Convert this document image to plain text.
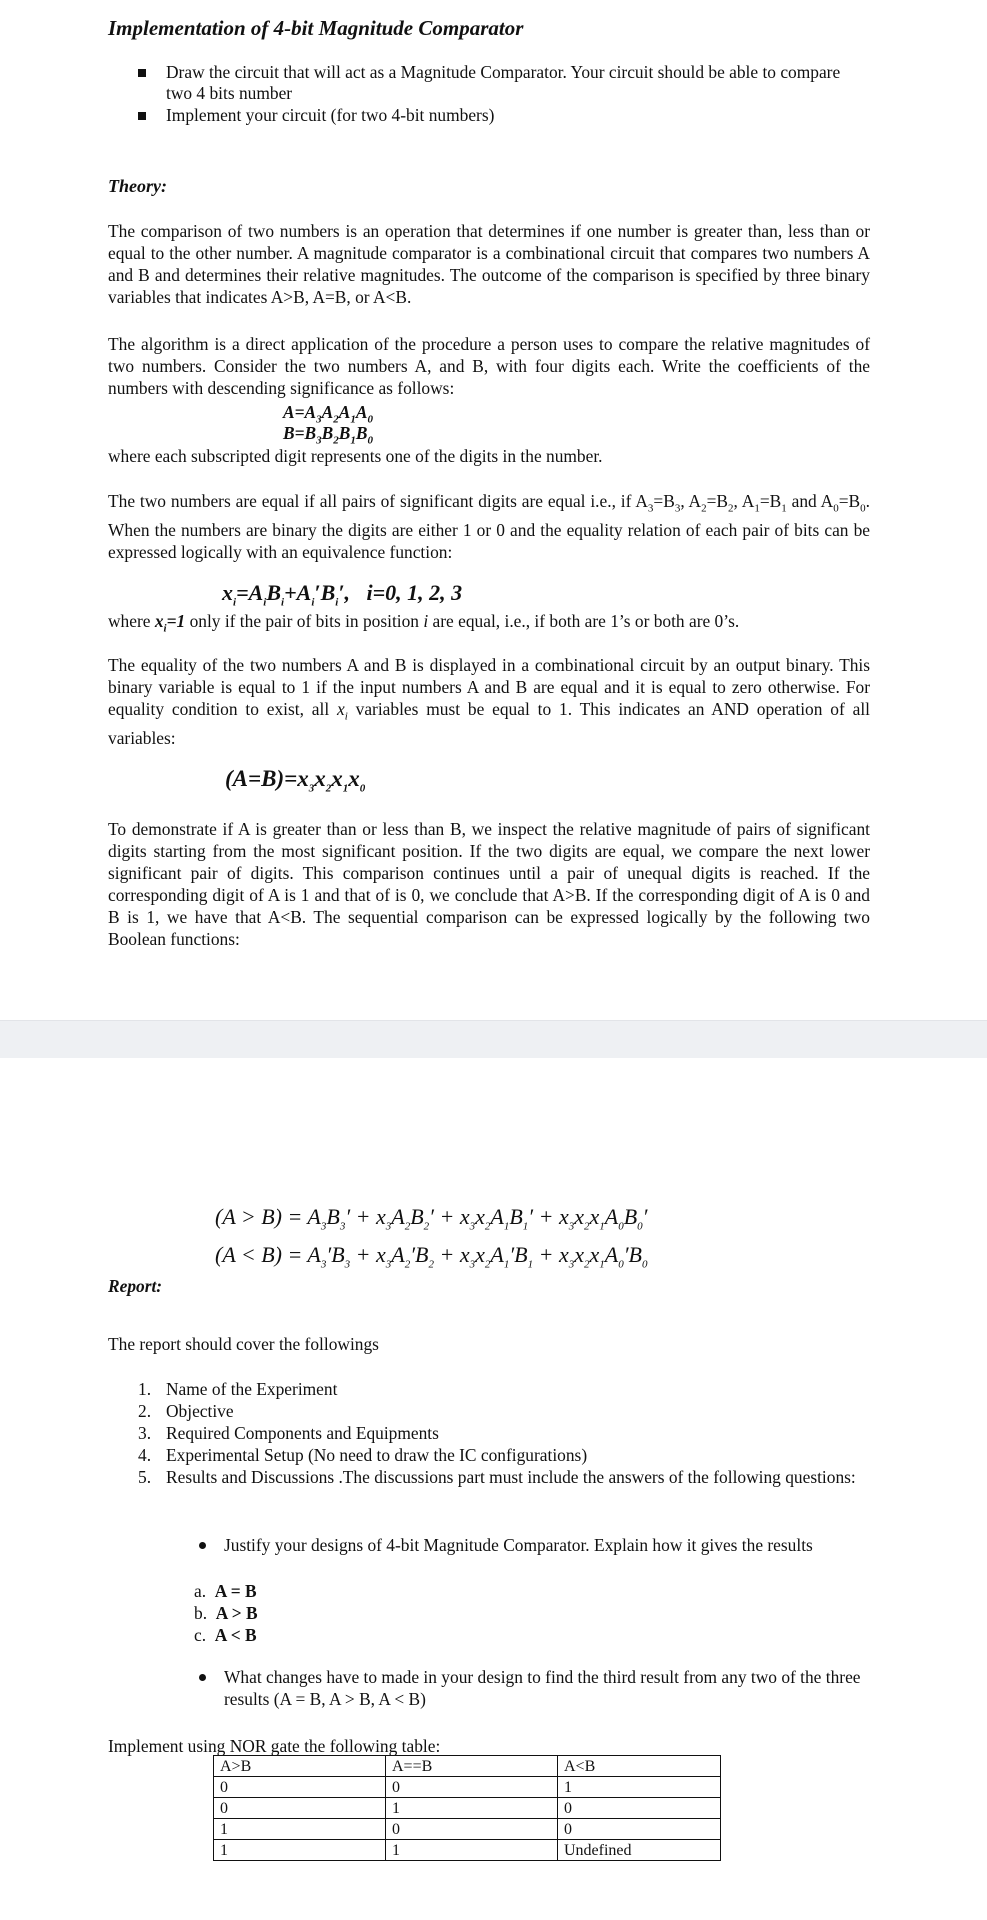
Implementation of 4-bit Magnitude Comparator
Draw the circuit that will act as a Magnitude Comparator. Your circuit should be able to compare two 4 bits number
Implement your circuit (for two 4-bit numbers)
Theory:
The comparison of two numbers is an operation that determines if one number is greater than, less than or equal to the other number. A magnitude comparator is a combinational circuit that compares two numbers A and B and determines their relative magnitudes. The outcome of the comparison is specified by three binary variables that indicates A>B, A=B, or A<B.
The algorithm is a direct application of the procedure a person uses to compare the relative magnitudes of two numbers. Consider the two numbers A, and B, with four digits each. Write the coefficients of the numbers with descending significance as follows:
$A=A_3A_2A_1A_0$
$B=B_3B_2B_1B_0$
where each subscripted digit represents one of the digits in the number.
The two numbers are equal if all pairs of significant digits are equal i.e., if $A_3=B_3$, $A_2=B_2$, $A_1=B_1$ and $A_0=B_0$. When the numbers are binary the digits are either 1 or 0 and the equality relation of each pair of bits can be expressed logically with an equivalence function:
$x_i=A_iB_i+A_i'B_i'$,   i=0, 1, 2, 3
where $x_i=1$ only if the pair of bits in position i are equal, i.e., if both are 1’s or both are 0’s.
The equality of the two numbers A and B is displayed in a combinational circuit by an output binary. This binary variable is equal to 1 if the input numbers A and B are equal and it is equal to zero otherwise. For equality condition to exist, all $x_i$ variables must be equal to 1. This indicates an AND operation of all variables:
$(A=B)=x_3x_2x_1x_0$
To demonstrate if A is greater than or less than B, we inspect the relative magnitude of pairs of significant digits starting from the most significant position. If the two digits are equal, we compare the next lower significant pair of digits. This comparison continues until a pair of unequal digits is reached. If the corresponding digit of A is 1 and that of is 0, we conclude that A>B. If the corresponding digit of A is 0 and B is 1, we have that A<B. The sequential comparison can be expressed logically by the following two Boolean functions:
$(A > B) = A_3B_3' + x_3A_2B_2' + x_3x_2A_1B_1' + x_3x_2x_1A_0B_0'$
$(A < B) = A_3'B_3 + x_3A_2'B_2 + x_3x_2A_1'B_1 + x_3x_2x_1A_0'B_0$
Report:
The report should cover the followings
1. Name of the Experiment
2. Objective
3. Required Components and Equipments
4. Experimental Setup (No need to draw the IC configurations)
5. Results and Discussions .The discussions part must include the answers of the following questions:
Justify your designs of 4-bit Magnitude Comparator. Explain how it gives the results
a. A = B
b. A > B
c. A < B
What changes have to made in your design to find the third result from any two of the three results (A = B, A > B, A < B)
Implement using NOR gate the following table:
A>B	A==B	A<B
0	0	1
0	1	0
1	0	0
1	1	Undefined
